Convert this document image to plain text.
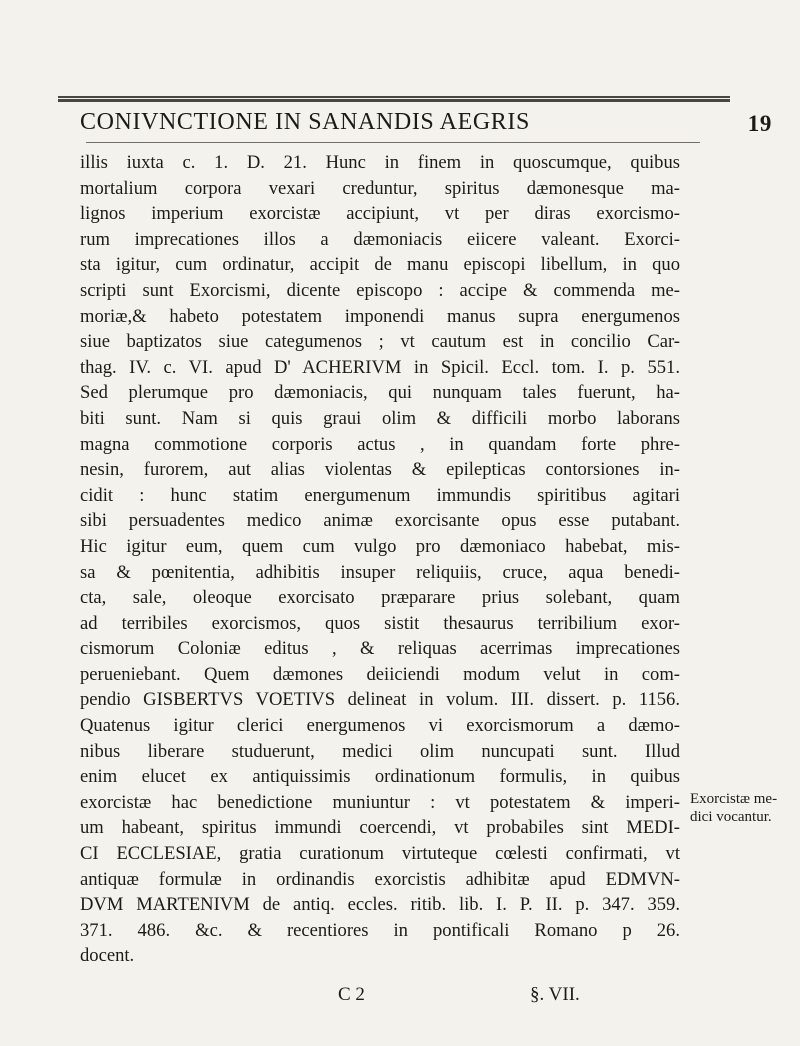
CONIVNCTIONE IN SANANDIS AEGRIS	19
illis iuxta c. 1. D. 21. Hunc in finem in quoscumque, quibus
mortalium corpora vexari creduntur, spiritus dæmonesque ma-
lignos imperium exorcistæ accipiunt, vt per diras exorcismo-
rum imprecationes illos a dæmoniacis eiicere valeant. Exorci-
sta igitur, cum ordinatur, accipit de manu episcopi libellum, in quo
scripti sunt Exorcismi, dicente episcopo : accipe & commenda me-
moriæ,& habeto potestatem imponendi manus supra energumenos
siue baptizatos siue categumenos ; vt cautum est in concilio Car-
thag. IV. c. VI. apud D' ACHERIVM in Spicil. Eccl. tom. I. p. 551.
Sed plerumque pro dæmoniacis, qui nunquam tales fuerunt, ha-
biti sunt. Nam si quis graui olim & difficili morbo laborans
magna commotione corporis actus , in quandam forte phre-
nesin, furorem, aut alias violentas & epilepticas contorsiones in-
cidit : hunc statim energumenum immundis spiritibus agitari
sibi persuadentes medico animæ exorcisante opus esse putabant.
Hic igitur eum, quem cum vulgo pro dæmoniaco habebat, mis-
sa & pœnitentia, adhibitis insuper reliquiis, cruce, aqua benedi-
cta, sale, oleoque exorcisato præparare prius solebant, quam
ad terribiles exorcismos, quos sistit thesaurus terribilium exor-
cismorum Coloniæ editus , & reliquas acerrimas imprecationes
perueniebant. Quem dæmones deiiciendi modum velut in com-
pendio GISBERTVS VOETIVS delineat in volum. III. dissert. p. 1156.
Quatenus igitur clerici energumenos vi exorcismorum a dæmo-
nibus liberare studuerunt, medici olim nuncupati sunt. Illud
enim elucet ex antiquissimis ordinationum formulis, in quibus
exorcistæ hac benedictione muniuntur : vt potestatem & imperi-
um habeant, spiritus immundi coercendi, vt probabiles sint MEDI-
CI ECCLESIAE, gratia curationum virtuteque cœlesti confirmati, vt
antiquæ formulæ in ordinandis exorcistis adhibitæ apud EDMVN-
DVM MARTENIVM de antiq. eccles. ritib. lib. I. P. II. p. 347. 359.
371. 486. &c. & recentiores in pontificali Romano p 26.
docent.
Exorcistæ me-dici vocantur.
C 2	§. VII.
